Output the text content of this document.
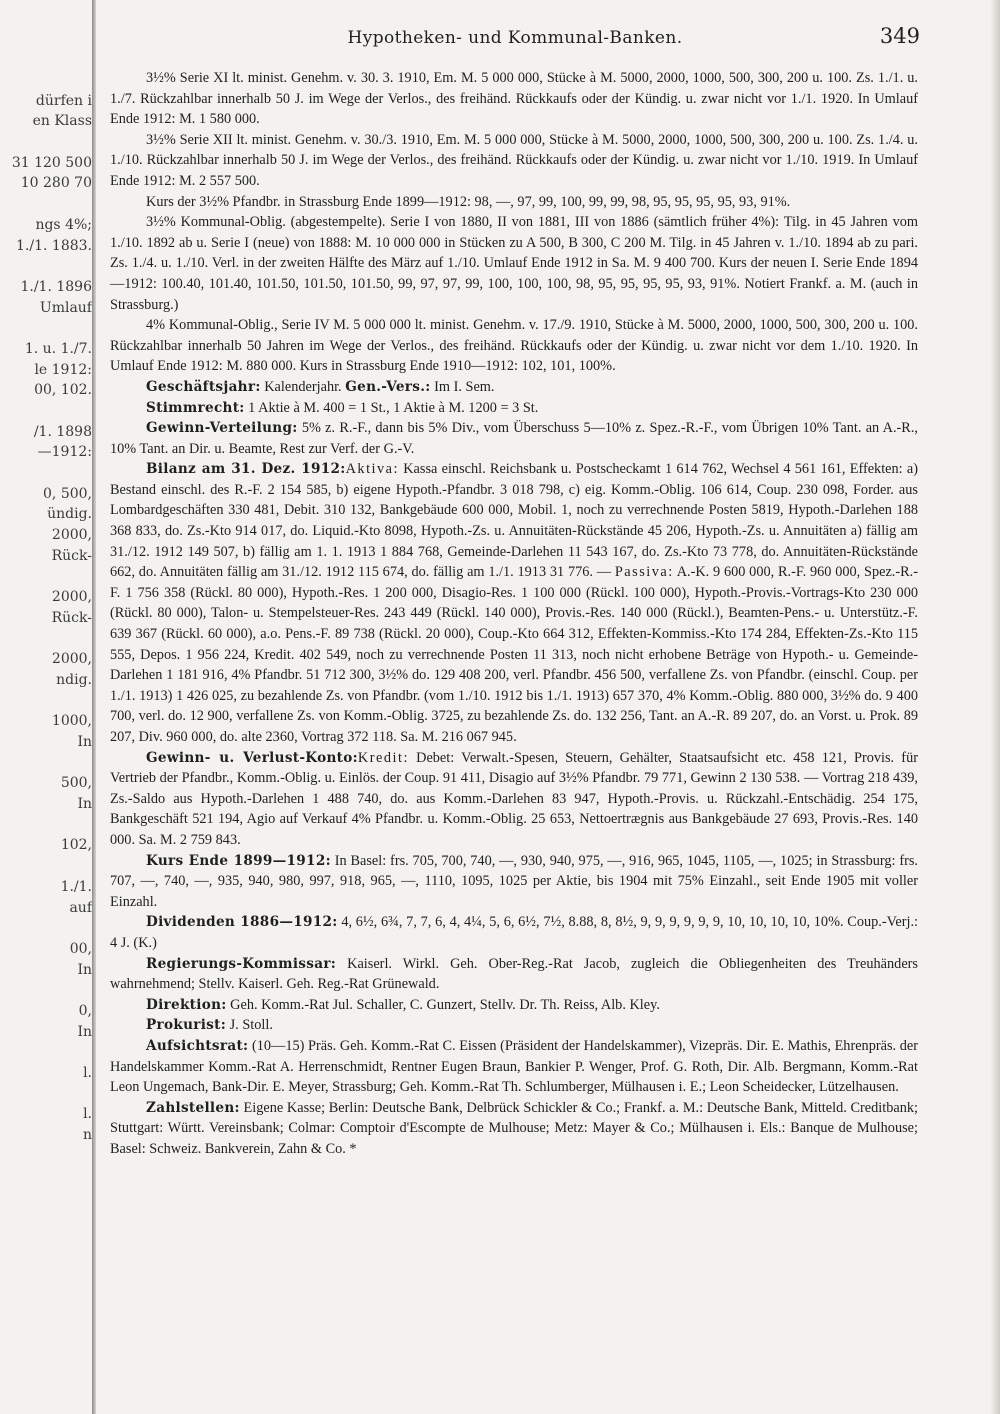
dürfen i
en Klass
31 120 500
10 280 70
ngs 4%;
1./1. 1883.
1./1. 1896
Umlauf
1. u. 1./7.
le 1912:
00, 102.
/1. 1898
—1912:
0, 500,
ündig.
2000,
Rück-
2000,
Rück-
2000,
ndig.
1000,
In
500,
In
102,
1./1.
auf
00,
In
0,
In
l.
l.
n
Hypotheken- und Kommunal-Banken.	349

3½% Serie XI lt. minist. Genehm. v. 30. 3. 1910, Em. M. 5 000 000, Stücke à M. 5000, 2000, 1000, 500, 300, 200 u. 100. Zs. 1./1. u. 1./7. Rückzahlbar innerhalb 50 J. im Wege der Verlos., des freihänd. Rückkaufs oder der Kündig. u. zwar nicht vor 1./1. 1920. In Umlauf Ende 1912: M. 1 580 000.

3½% Serie XII lt. minist. Genehm. v. 30./3. 1910, Em. M. 5 000 000, Stücke à M. 5000, 2000, 1000, 500, 300, 200 u. 100. Zs. 1./4. u. 1./10. Rückzahlbar innerhalb 50 J. im Wege der Verlos., des freihänd. Rückkaufs oder der Kündig. u. zwar nicht vor 1./10. 1919. In Umlauf Ende 1912: M. 2 557 500.

Kurs der 3½% Pfandbr. in Strassburg Ende 1899—1912: 98, —, 97, 99, 100, 99, 99, 98, 95, 95, 95, 95, 93, 91%.

3½% Kommunal-Oblig. (abgestempelte). Serie I von 1880, II von 1881, III von 1886 (sämtlich früher 4%): Tilg. in 45 Jahren vom 1./10. 1892 ab u. Serie I (neue) von 1888: M. 10 000 000 in Stücken zu A 500, B 300, C 200 M. Tilg. in 45 Jahren v. 1./10. 1894 ab zu pari. Zs. 1./4. u. 1./10. Verl. in der zweiten Hälfte des März auf 1./10. Umlauf Ende 1912 in Sa. M. 9 400 700. Kurs der neuen I. Serie Ende 1894—1912: 100.40, 101.40, 101.50, 101.50, 101.50, 99, 97, 97, 99, 100, 100, 100, 98, 95, 95, 95, 95, 93, 91%. Notiert Frankf. a. M. (auch in Strassburg.)

4% Kommunal-Oblig., Serie IV M. 5 000 000 lt. minist. Genehm. v. 17./9. 1910, Stücke à M. 5000, 2000, 1000, 500, 300, 200 u. 100. Rückzahlbar innerhalb 50 Jahren im Wege der Verlos., des freihänd. Rückkaufs oder der Kündig. u. zwar nicht vor dem 1./10. 1920. In Umlauf Ende 1912: M. 880 000. Kurs in Strassburg Ende 1910—1912: 102, 101, 100%.

Geschäftsjahr: Kalenderjahr. Gen.-Vers.: Im I. Sem.

Stimmrecht: 1 Aktie à M. 400 = 1 St., 1 Aktie à M. 1200 = 3 St.

Gewinn-Verteilung: 5% z. R.-F., dann bis 5% Div., vom Überschuss 5—10% z. Spez.-R.-F., vom Übrigen 10% Tant. an A.-R., 10% Tant. an Dir. u. Beamte, Rest zur Verf. der G.-V.

Bilanz am 31. Dez. 1912:Aktiva: Kassa einschl. Reichsbank u. Postscheckamt 1 614 762, Wechsel 4 561 161, Effekten: a) Bestand einschl. des R.-F. 2 154 585, b) eigene Hypoth.-Pfandbr. 3 018 798, c) eig. Komm.-Oblig. 106 614, Coup. 230 098, Forder. aus Lombardgeschäften 330 481, Debit. 310 132, Bankgebäude 600 000, Mobil. 1, noch zu verrechnende Posten 5819, Hypoth.-Darlehen 188 368 833, do. Zs.-Kto 914 017, do. Liquid.-Kto 8098, Hypoth.-Zs. u. Annuitäten-Rückstände 45 206, Hypoth.-Zs. u. Annuitäten a) fällig am 31./12. 1912 149 507, b) fällig am 1. 1. 1913 1 884 768, Gemeinde-Darlehen 11 543 167, do. Zs.-Kto 73 778, do. Annuitäten-Rückstände 662, do. Annuitäten fällig am 31./12. 1912 115 674, do. fällig am 1./1. 1913 31 776. — Passiva: A.-K. 9 600 000, R.-F. 960 000, Spez.-R.-F. 1 756 358 (Rückl. 80 000), Hypoth.-Res. 1 200 000, Disagio-Res. 1 100 000 (Rückl. 100 000), Hypoth.-Provis.-Vortrags-Kto 230 000 (Rückl. 80 000), Talon- u. Stempelsteuer-Res. 243 449 (Rückl. 140 000), Provis.-Res. 140 000 (Rückl.), Beamten-Pens.- u. Unterstütz.-F. 639 367 (Rückl. 60 000), a.o. Pens.-F. 89 738 (Rückl. 20 000), Coup.-Kto 664 312, Effekten-Kommiss.-Kto 174 284, Effekten-Zs.-Kto 115 555, Depos. 1 956 224, Kredit. 402 549, noch zu verrechnende Posten 11 313, noch nicht erhobene Beträge von Hypoth.- u. Gemeinde-Darlehen 1 181 916, 4% Pfandbr. 51 712 300, 3½% do. 129 408 200, verl. Pfandbr. 456 500, verfallene Zs. von Pfandbr. (einschl. Coup. per 1./1. 1913) 1 426 025, zu bezahlende Zs. von Pfandbr. (vom 1./10. 1912 bis 1./1. 1913) 657 370, 4% Komm.-Oblig. 880 000, 3½% do. 9 400 700, verl. do. 12 900, verfallene Zs. von Komm.-Oblig. 3725, zu bezahlende Zs. do. 132 256, Tant. an A.-R. 89 207, do. an Vorst. u. Prok. 89 207, Div. 960 000, do. alte 2360, Vortrag 372 118. Sa. M. 216 067 945.

Gewinn- u. Verlust-Konto:Kredit: Debet: Verwalt.-Spesen, Steuern, Gehälter, Staatsaufsicht etc. 458 121, Provis. für Vertrieb der Pfandbr., Komm.-Oblig. u. Einlös. der Coup. 91 411, Disagio auf 3½% Pfandbr. 79 771, Gewinn 2 130 538. — Vortrag 218 439, Zs.-Saldo aus Hypoth.-Darlehen 1 488 740, do. aus Komm.-Darlehen 83 947, Hypoth.-Provis. u. Rückzahl.-Entschädig. 254 175, Bankgeschäft 521 194, Agio auf Verkauf 4% Pfandbr. u. Komm.-Oblig. 25 653, Nettoertrægnis aus Bankgebäude 27 693, Provis.-Res. 140 000. Sa. M. 2 759 843.

Kurs Ende 1899—1912: In Basel: frs. 705, 700, 740, —, 930, 940, 975, —, 916, 965, 1045, 1105, —, 1025; in Strassburg: frs. 707, —, 740, —, 935, 940, 980, 997, 918, 965, —, 1110, 1095, 1025 per Aktie, bis 1904 mit 75% Einzahl., seit Ende 1905 mit voller Einzahl.

Dividenden 1886—1912: 4, 6½, 6¾, 7, 7, 6, 4, 4¼, 5, 6, 6½, 7½, 8.88, 8, 8½, 9, 9, 9, 9, 9, 9, 10, 10, 10, 10, 10%. Coup.-Verj.: 4 J. (K.)

Regierungs-Kommissar: Kaiserl. Wirkl. Geh. Ober-Reg.-Rat Jacob, zugleich die Obliegenheiten des Treuhänders wahrnehmend; Stellv. Kaiserl. Geh. Reg.-Rat Grünewald.

Direktion: Geh. Komm.-Rat Jul. Schaller, C. Gunzert, Stellv. Dr. Th. Reiss, Alb. Kley.

Prokurist: J. Stoll.

Aufsichtsrat: (10—15) Präs. Geh. Komm.-Rat C. Eissen (Präsident der Handelskammer), Vizepräs. Dir. E. Mathis, Ehrenpräs. der Handelskammer Komm.-Rat A. Herrenschmidt, Rentner Eugen Braun, Bankier P. Wenger, Prof. G. Roth, Dir. Alb. Bergmann, Komm.-Rat Leon Ungemach, Bank-Dir. E. Meyer, Strassburg; Geh. Komm.-Rat Th. Schlumberger, Mülhausen i. E.; Leon Scheidecker, Lützelhausen.

Zahlstellen: Eigene Kasse; Berlin: Deutsche Bank, Delbrück Schickler & Co.; Frankf. a. M.: Deutsche Bank, Mitteld. Creditbank; Stuttgart: Württ. Vereinsbank; Colmar: Comptoir d'Escompte de Mulhouse; Metz: Mayer & Co.; Mülhausen i. Els.: Banque de Mulhouse; Basel: Schweiz. Bankverein, Zahn & Co. *
